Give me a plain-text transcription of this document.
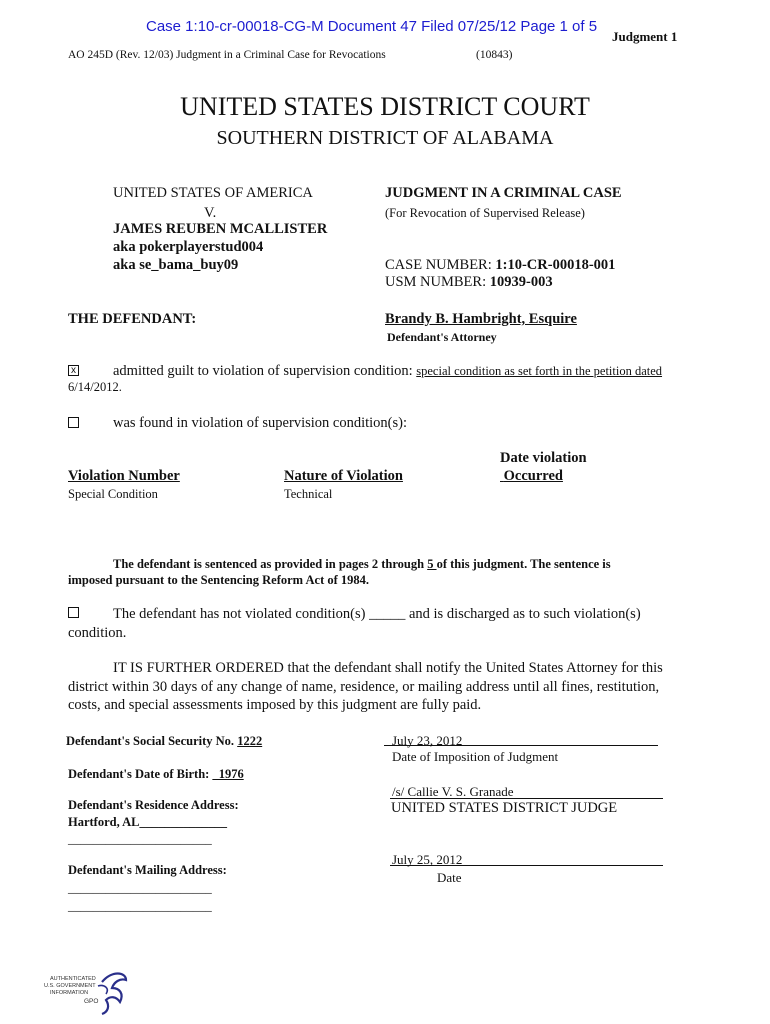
Case 1:10-cr-00018-CG-M Document 47 Filed 07/25/12 Page 1 of 5
Judgment 1
AO 245D (Rev. 12/03) Judgment in a Criminal Case for Revocations	(10843)
UNITED STATES DISTRICT COURT
SOUTHERN DISTRICT OF ALABAMA
UNITED STATES OF AMERICA
V.
JAMES REUBEN MCALLISTER
aka pokerplayerstud004
aka se_bama_buy09
JUDGMENT IN A CRIMINAL CASE
(For Revocation of Supervised Release)
CASE NUMBER: 1:10-CR-00018-001
USM NUMBER: 10939-003
THE DEFENDANT:	Brandy B. Hambright, Esquire
Defendant's Attorney
x	admitted guilt to violation of supervision condition: special condition as set forth in the petition dated
6/14/2012.
was found in violation of supervision condition(s):
Date violation
Violation Number	Nature of Violation	Occurred
Special Condition	Technical
The defendant is sentenced as provided in pages 2 through 5 of this judgment. The sentence is
imposed pursuant to the Sentencing Reform Act of 1984.
The defendant has not violated condition(s) _____ and is discharged as to such violation(s)
condition.
IT IS FURTHER ORDERED that the defendant shall notify the United States Attorney for this
district within 30 days of any change of name, residence, or mailing address until all fines, restitution,
costs, and special assessments imposed by this judgment are fully paid.
Defendant's Social Security No. 1222
Defendant's Date of Birth: _1976
Defendant's Residence Address:
Hartford, AL______________
_______________________
Defendant's Mailing Address:
_______________________
_______________________
July 23, 2012
Date of Imposition of Judgment
/s/ Callie V. S. Granade
UNITED STATES DISTRICT JUDGE
July 25, 2012
Date
AUTHENTICATED
U.S. GOVERNMENT
INFORMATION
GPO
